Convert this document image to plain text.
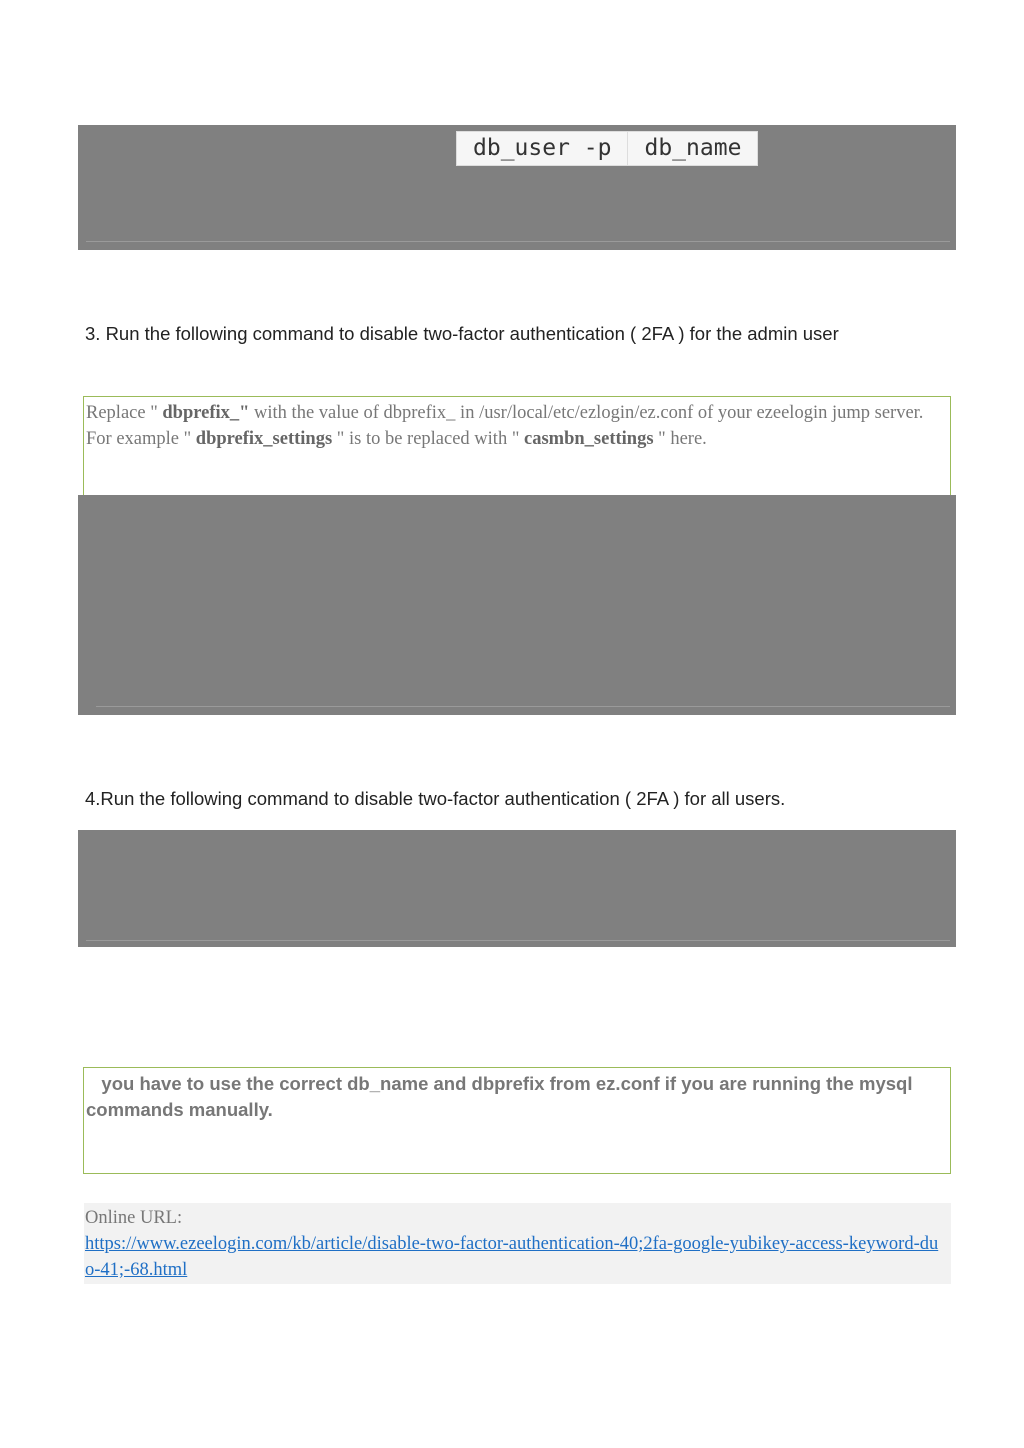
db_user -p	db_name

3. Run the following command to disable two-factor authentication ( 2FA ) for the admin user

Replace " dbprefix_" with the value of dbprefix_ in /usr/local/etc/ezlogin/ez.conf of your ezeelogin jump server. For example " dbprefix_settings " is to be replaced with " casmbn_settings " here.

4.Run the following command to disable two-factor authentication ( 2FA ) for all users.

you have to use the correct db_name and dbprefix from ez.conf if you are running the mysql commands manually.
Online URL:
https://www.ezeelogin.com/kb/article/disable-two-factor-authentication-40;2fa-google-yubikey-access-keyword-duo-41;-68.html
